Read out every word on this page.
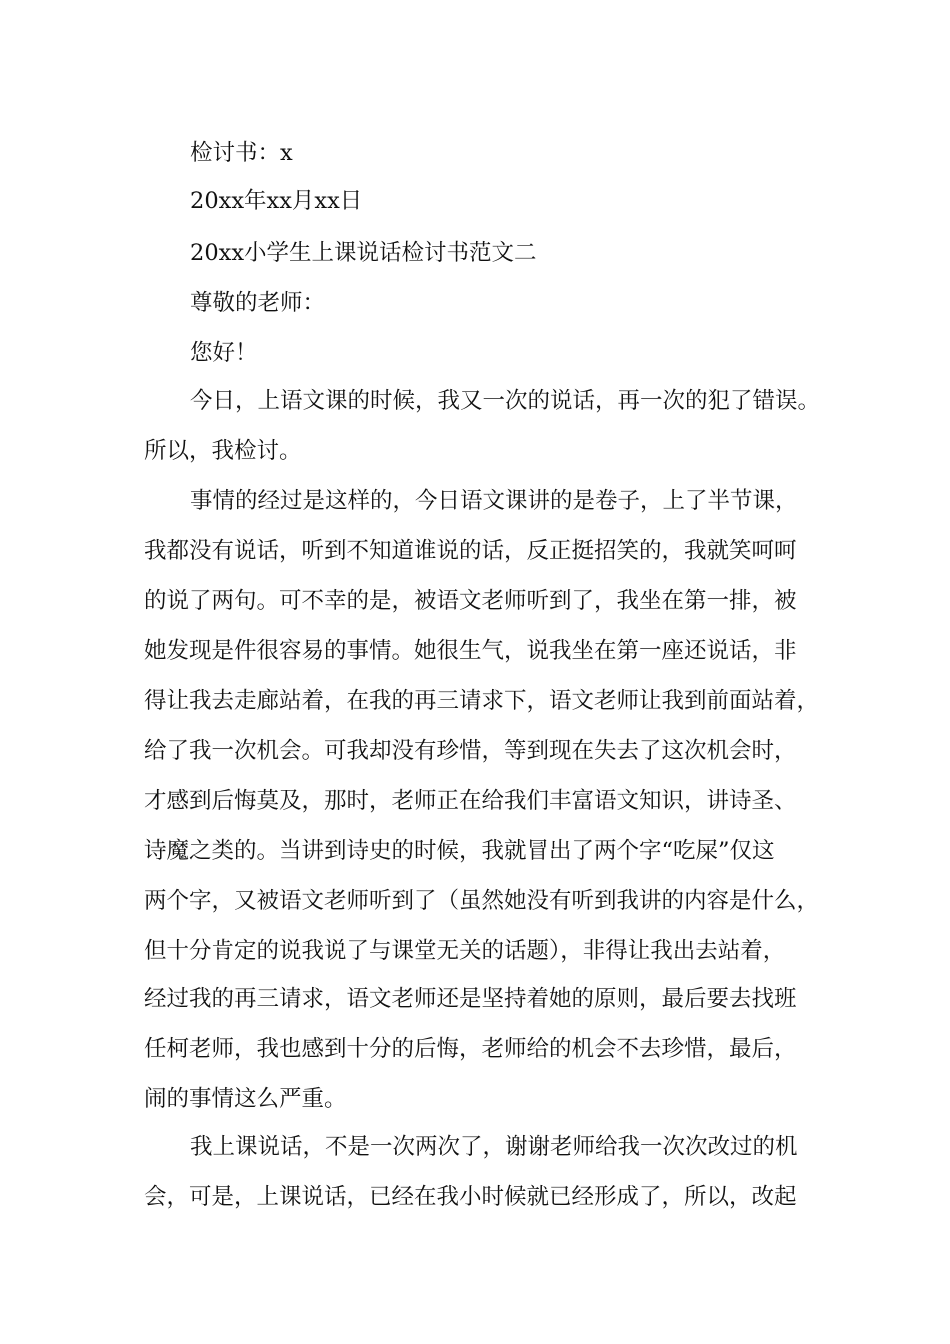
检讨书：x
20xx年xx月xx日
20xx小学生上课说话检讨书范文二
尊敬的老师：
您好！
今日，上语文课的时候，我又一次的说话，再一次的犯了错误。
所以，我检讨。
事情的经过是这样的，今日语文课讲的是卷子，上了半节课，
我都没有说话，听到不知道谁说的话，反正挺招笑的，我就笑呵呵
的说了两句。可不幸的是，被语文老师听到了，我坐在第一排，被
她发现是件很容易的事情。她很生气，说我坐在第一座还说话，非
得让我去走廊站着，在我的再三请求下，语文老师让我到前面站着，
给了我一次机会。可我却没有珍惜，等到现在失去了这次机会时，
才感到后悔莫及，那时，老师正在给我们丰富语文知识，讲诗圣、
诗魔之类的。当讲到诗史的时候，我就冒出了两个字“吃屎”仅这
两个字，又被语文老师听到了（虽然她没有听到我讲的内容是什么，
但十分肯定的说我说了与课堂无关的话题），非得让我出去站着，
经过我的再三请求，语文老师还是坚持着她的原则，最后要去找班
任柯老师，我也感到十分的后悔，老师给的机会不去珍惜，最后，
闹的事情这么严重。
我上课说话，不是一次两次了，谢谢老师给我一次次改过的机
会，可是，上课说话，已经在我小时候就已经形成了，所以，改起
